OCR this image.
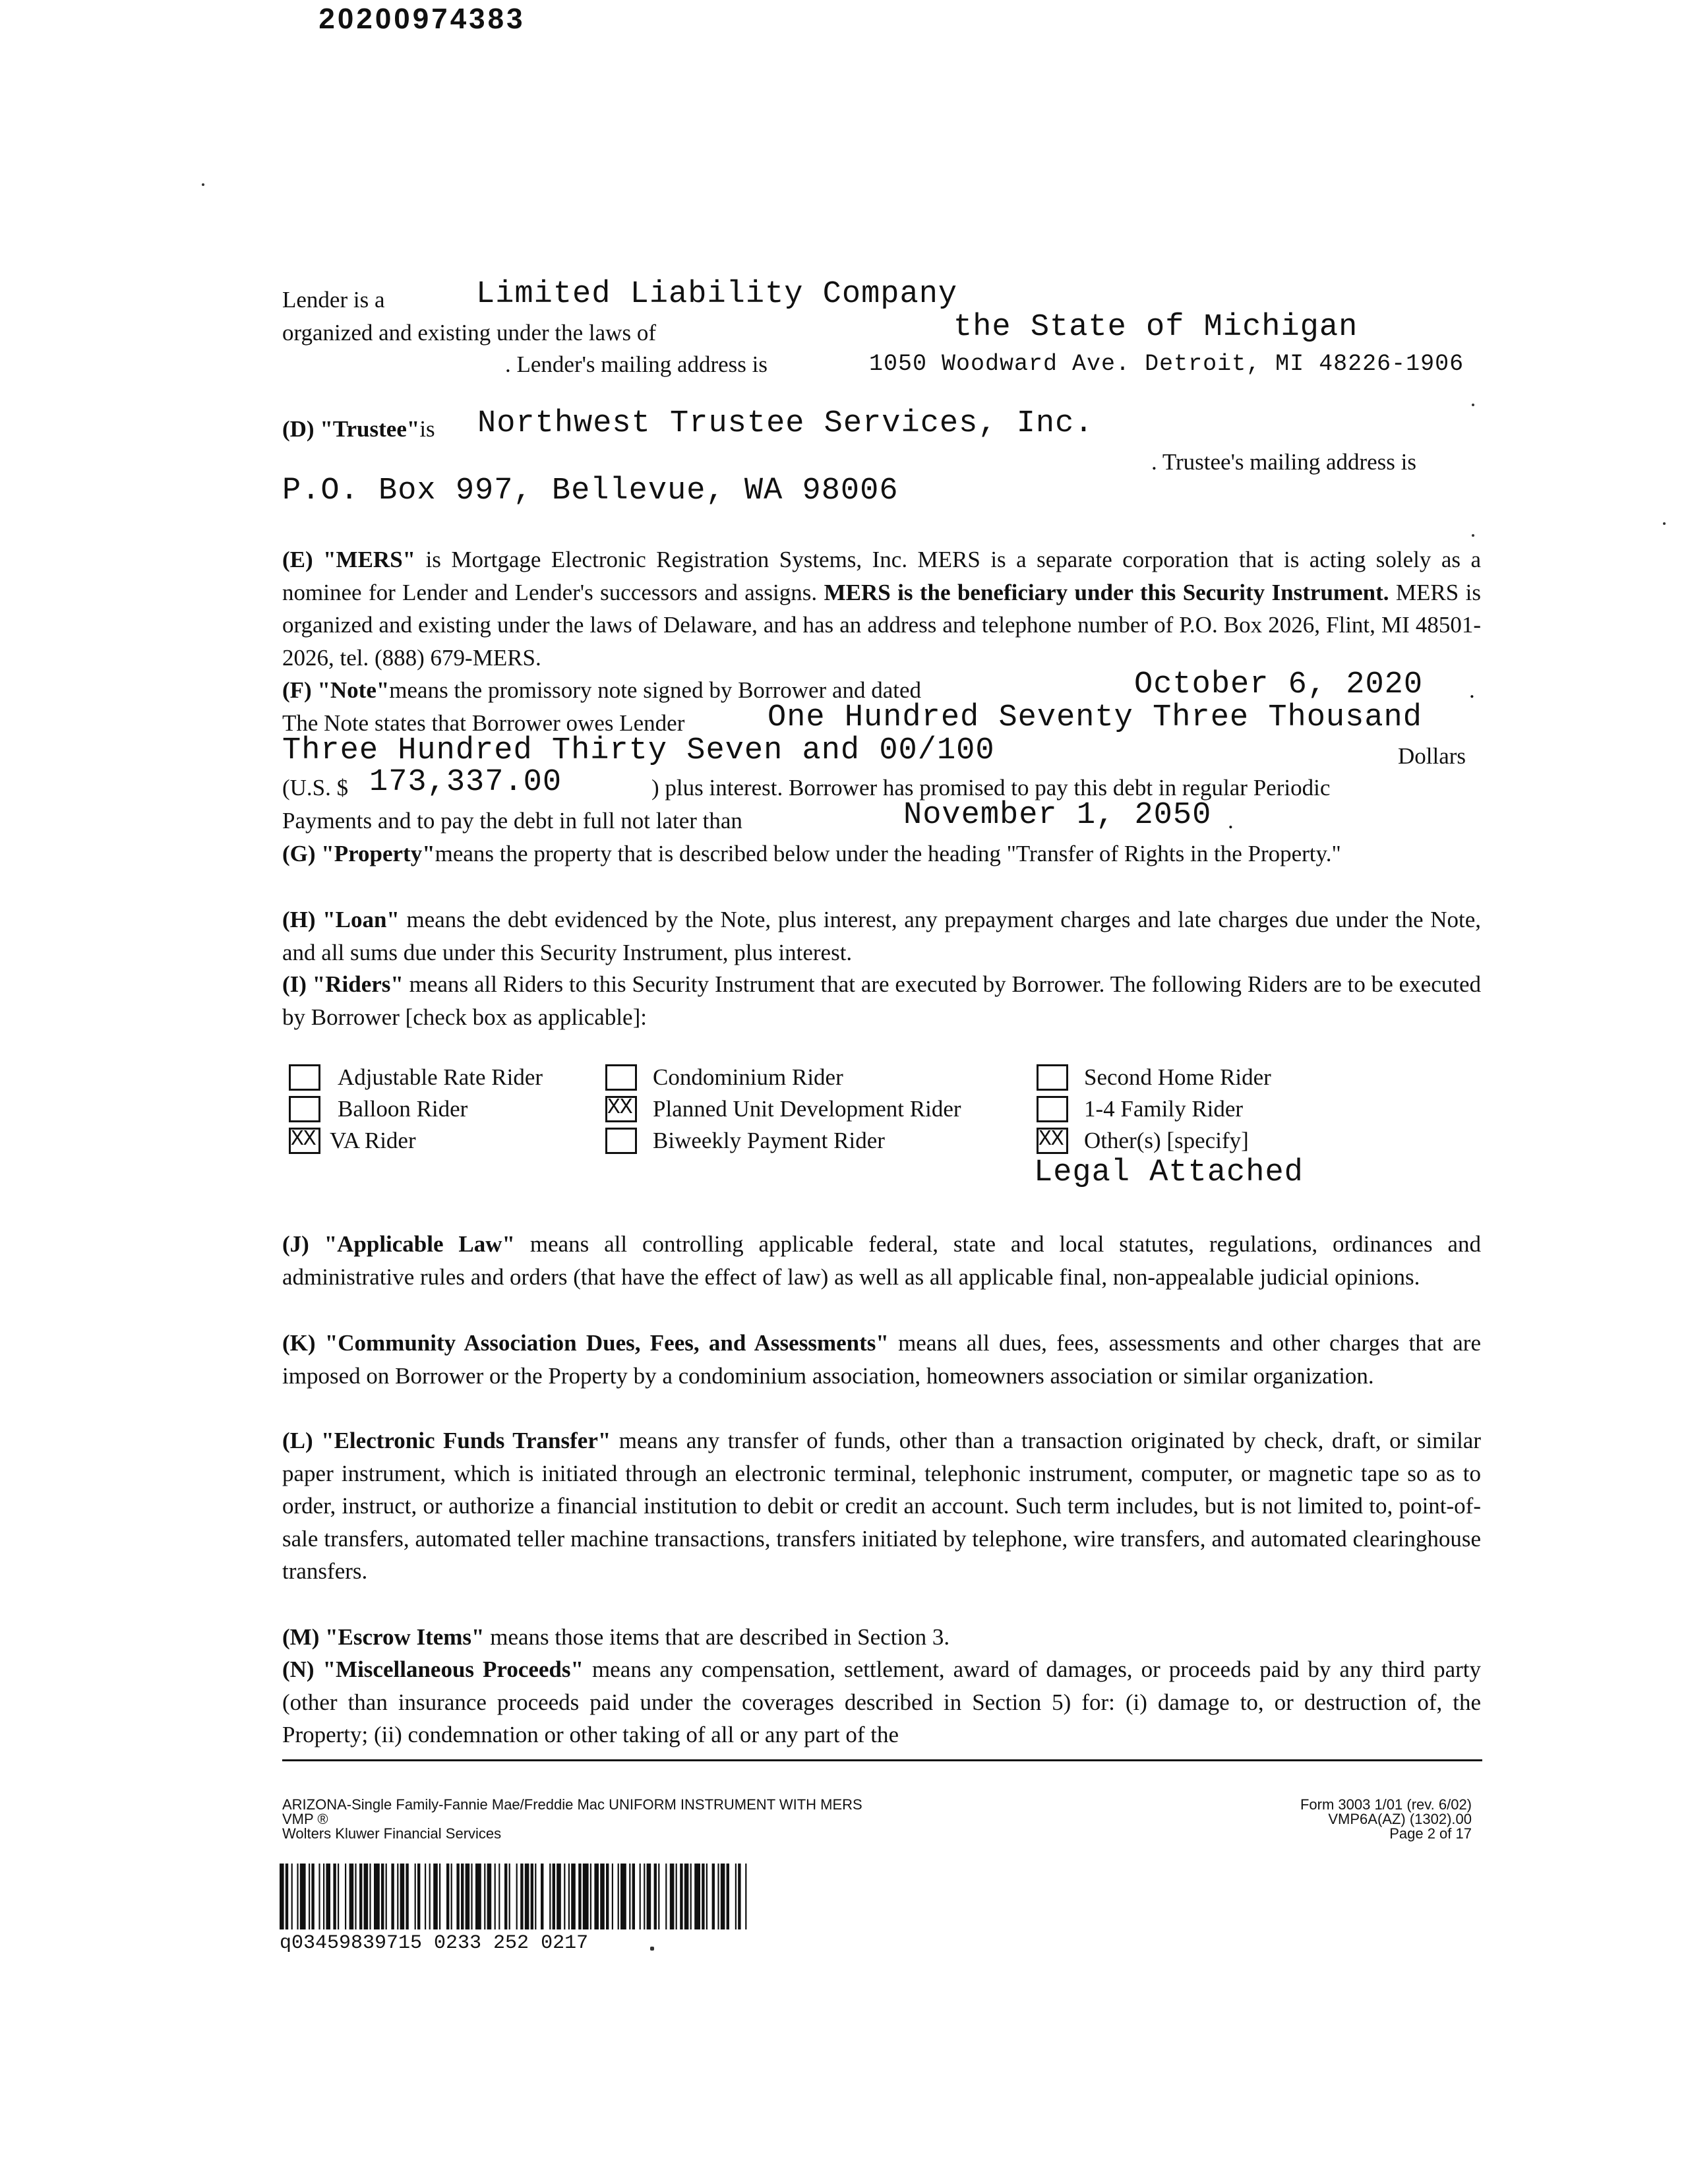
20200974383
Lender is a	Limited Liability Company
organized and existing under the laws of	the State of Michigan
. Lender's mailing address is	1050 Woodward Ave. Detroit, MI 48226-1906
(D) "Trustee"is Northwest Trustee Services, Inc.
. Trustee's mailing address is
P.O. Box 997, Bellevue, WA 98006
(E) "MERS" is Mortgage Electronic Registration Systems, Inc. MERS is a separate corporation that is acting solely as a nominee for Lender and Lender's successors and assigns. MERS is the beneficiary under this Security Instrument. MERS is organized and existing under the laws of Delaware, and has an address and telephone number of P.O. Box 2026, Flint, MI 48501-2026, tel. (888) 679-MERS.
(F) "Note"means the promissory note signed by Borrower and dated	October 6, 2020 .
The Note states that Borrower owes Lender	One Hundred Seventy Three Thousand
Three Hundred Thirty Seven and 00/100	Dollars
(U.S. $ 173,337.00	) plus interest. Borrower has promised to pay this debt in regular Periodic
Payments and to pay the debt in full not later than	November 1, 2050 .
(G) "Property"means the property that is described below under the heading "Transfer of Rights in the Property."
(H) "Loan" means the debt evidenced by the Note, plus interest, any prepayment charges and late charges due under the Note, and all sums due under this Security Instrument, plus interest.
(I) "Riders" means all Riders to this Security Instrument that are executed by Borrower. The following Riders are to be executed by Borrower [check box as applicable]:
Adjustable Rate Rider
Balloon Rider
XX VA Rider
Condominium Rider
XX Planned Unit Development Rider
Biweekly Payment Rider
Second Home Rider
1-4 Family Rider
XX Other(s) [specify]
Legal Attached
(J) "Applicable Law" means all controlling applicable federal, state and local statutes, regulations, ordinances and administrative rules and orders (that have the effect of law) as well as all applicable final, non-appealable judicial opinions.
(K) "Community Association Dues, Fees, and Assessments" means all dues, fees, assessments and other charges that are imposed on Borrower or the Property by a condominium association, homeowners association or similar organization.
(L) "Electronic Funds Transfer" means any transfer of funds, other than a transaction originated by check, draft, or similar paper instrument, which is initiated through an electronic terminal, telephonic instrument, computer, or magnetic tape so as to order, instruct, or authorize a financial institution to debit or credit an account. Such term includes, but is not limited to, point-of-sale transfers, automated teller machine transactions, transfers initiated by telephone, wire transfers, and automated clearinghouse transfers.
(M) "Escrow Items" means those items that are described in Section 3.
(N) "Miscellaneous Proceeds" means any compensation, settlement, award of damages, or proceeds paid by any third party (other than insurance proceeds paid under the coverages described in Section 5) for: (i) damage to, or destruction of, the Property; (ii) condemnation or other taking of all or any part of the
ARIZONA-Single Family-Fannie Mae/Freddie Mac UNIFORM INSTRUMENT WITH MERS
VMP ®
Wolters Kluwer Financial Services
Form 3003 1/01 (rev. 6/02)
VMP6A(AZ) (1302).00
Page 2 of 17
q03459839715 0233 252 0217
